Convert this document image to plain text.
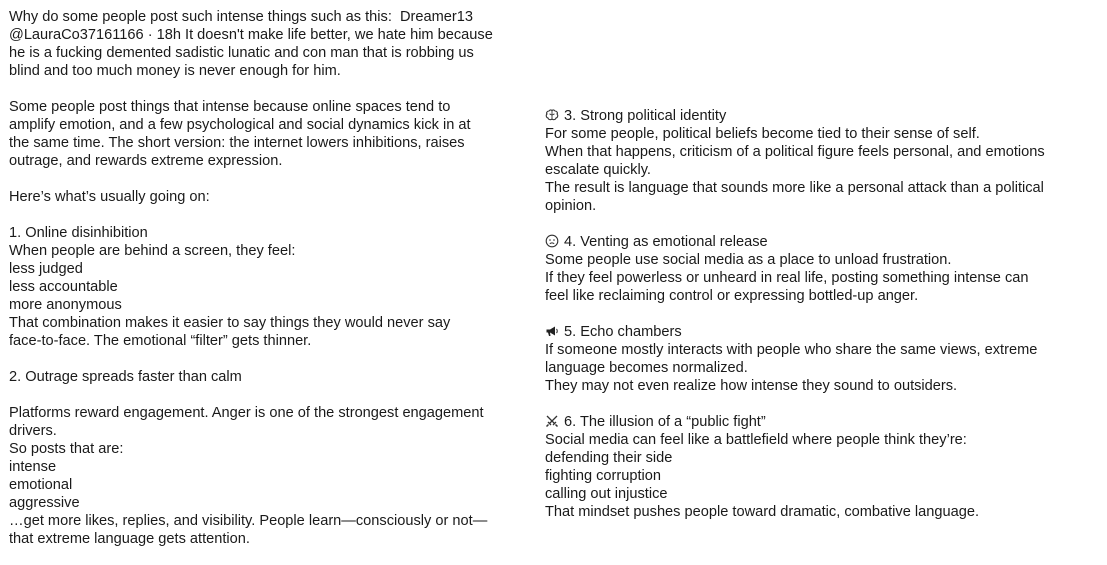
Why do some people post such intense things such as this:  Dreamer13
@LauraCo37161166 · 18h It doesn't make life better, we hate him because
he is a fucking demented sadistic lunatic and con man that is robbing us
blind and too much money is never enough for him.
Some people post things that intense because online spaces tend to
amplify emotion, and a few psychological and social dynamics kick in at
the same time. The short version: the internet lowers inhibitions, raises
outrage, and rewards extreme expression.
Here’s what’s usually going on:
1. Online disinhibition
When people are behind a screen, they feel:
less judged
less accountable
more anonymous
That combination makes it easier to say things they would never say
face-to-face. The emotional “filter” gets thinner.
2. Outrage spreads faster than calm
Platforms reward engagement. Anger is one of the strongest engagement
drivers.
So posts that are:
intense
emotional
aggressive
…get more likes, replies, and visibility. People learn—consciously or not—
that extreme language gets attention.
3. Strong political identity
For some people, political beliefs become tied to their sense of self.
When that happens, criticism of a political figure feels personal, and emotions
escalate quickly.
The result is language that sounds more like a personal attack than a political
opinion.
4. Venting as emotional release
Some people use social media as a place to unload frustration.
If they feel powerless or unheard in real life, posting something intense can
feel like reclaiming control or expressing bottled-up anger.
5. Echo chambers
If someone mostly interacts with people who share the same views, extreme
language becomes normalized.
They may not even realize how intense they sound to outsiders.
6. The illusion of a “public fight”
Social media can feel like a battlefield where people think they’re:
defending their side
fighting corruption
calling out injustice
That mindset pushes people toward dramatic, combative language.
